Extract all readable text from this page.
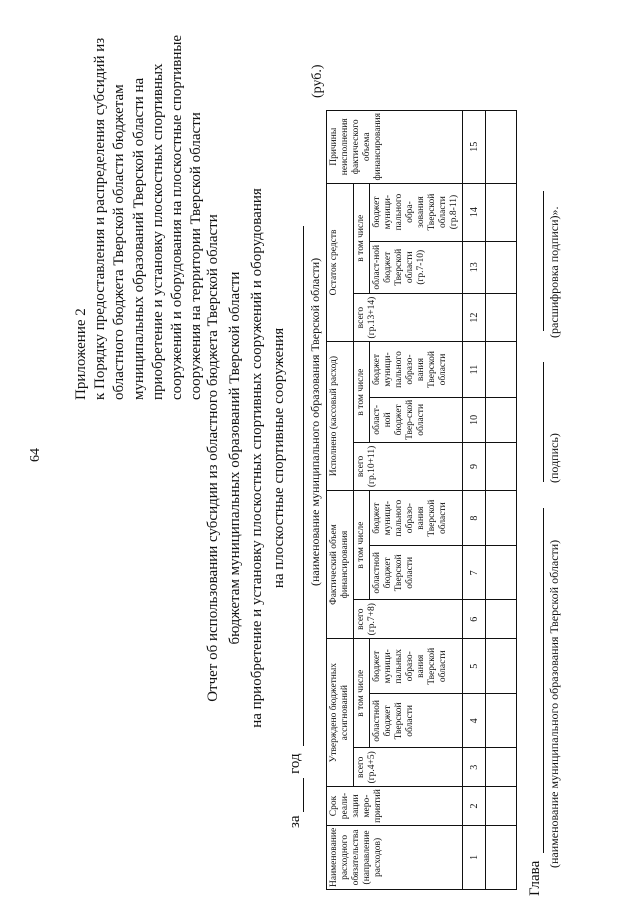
64
Приложение 2 к Порядку предоставления и распределения субсидий из областного бюджета Тверской области бюджетам муниципальных образований Тверской области на приобретение и установку плоскостных спортивных сооружений и оборудования на плоскостные спортивные сооружения на территории Тверской области Отчет об использовании субсидии из областного бюджета Тверской области бюджетам муниципальных образований Тверской области на приобретение и установку плоскостных спортивных сооружений и оборудования на плоскостные спортивные сооружения
за  год
(наименование муниципального образования Тверской области)
(руб.)
Наименование расходного обязательства (направление расходов)	Срок реали-зации меро-приятий	Утверждено бюджетных ассигнований			Фактический объем финансирования			Исполнено (кассовый расход)			Остаток средств			Причины неисполнения фактического объема финансирования
		всего (гр.4+5)	в том числе		всего (гр.7+8)	в том числе		всего (гр.10+11)	в том числе		всего (гр.13+14)	в том числе		
			областной бюджет Тверской области	бюджет муници-пальных образо-вания Тверской области		областной бюджет Тверской области	бюджет муници-пального образо-вания Тверской области		област-ной бюджет Твер-ской области	бюджет муници-пального образо-вания Тверской области		област-ной бюджет Тверской области (гр.7-10)	бюджет муници-пального обра-зования Тверской области (гр.8-11)	
1	2	3	4	5	6	7	8	9	10	11	12	13	14	15

Глава
(наименование муниципального образования Тверской области)
(подпись)
(расшифровка подписи)».
